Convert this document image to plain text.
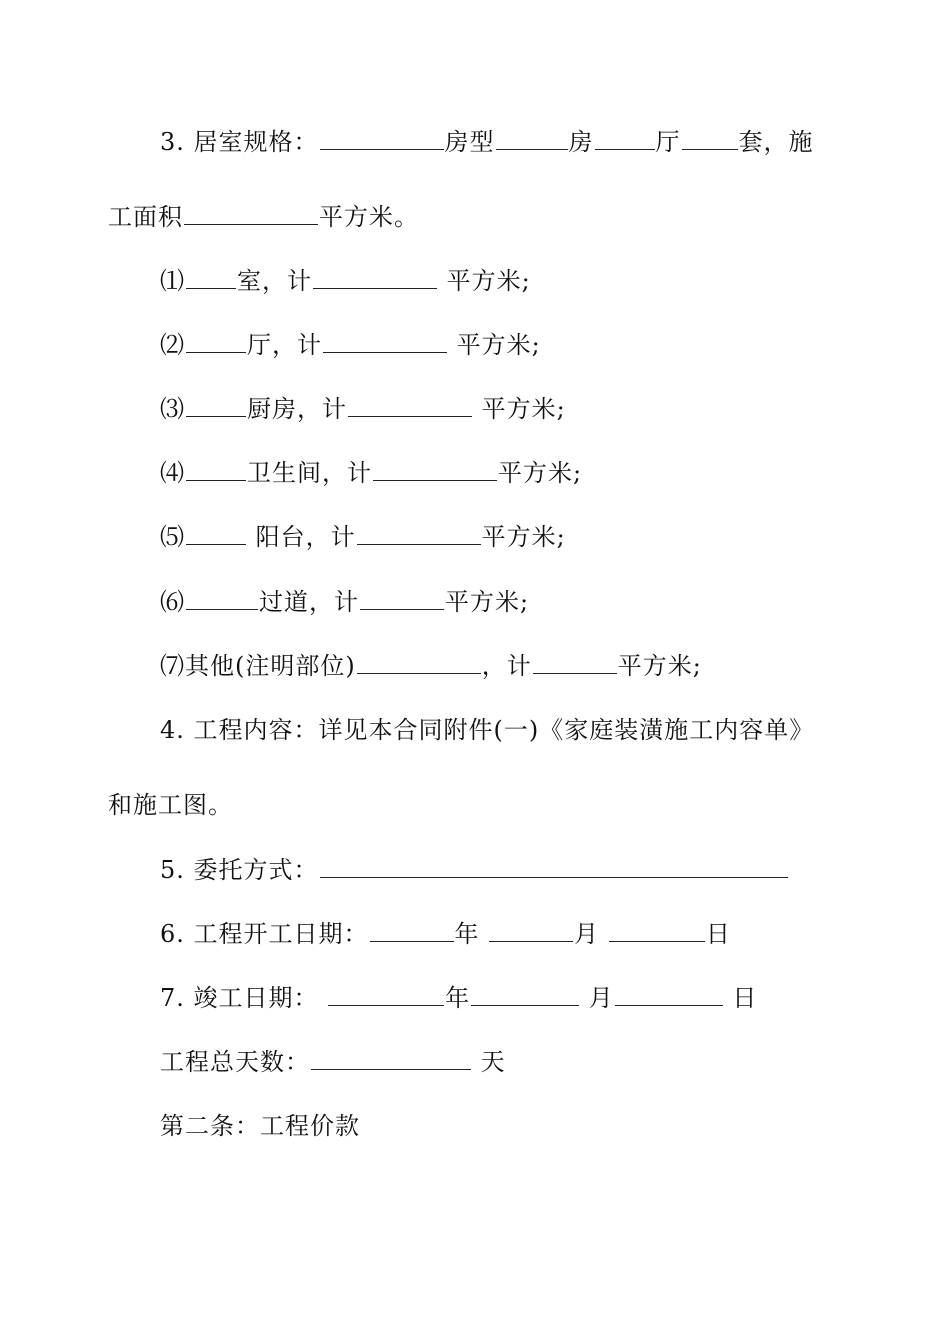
3. 居室规格：	房型	房	厅 套，施
工面积	平方米。
⑴ 室，计	平方米;
⑵	厅，计	平方米;
⑶	厨房，计	平方米;
⑷	卫生间，计	平方米;
⑸	阳台，计	平方米;
⑹	过道，计	平方米;
⑺其他(注明部位)	，计	平方米;
4. 工程内容：详见本合同附件(一)《家庭装潢施工内容单》
和施工图。
5. 委托方式：
6. 工程开工日期：	年	月	日
7. 竣工日期：	年	月	日
工程总天数：	天
第二条：工程价款
